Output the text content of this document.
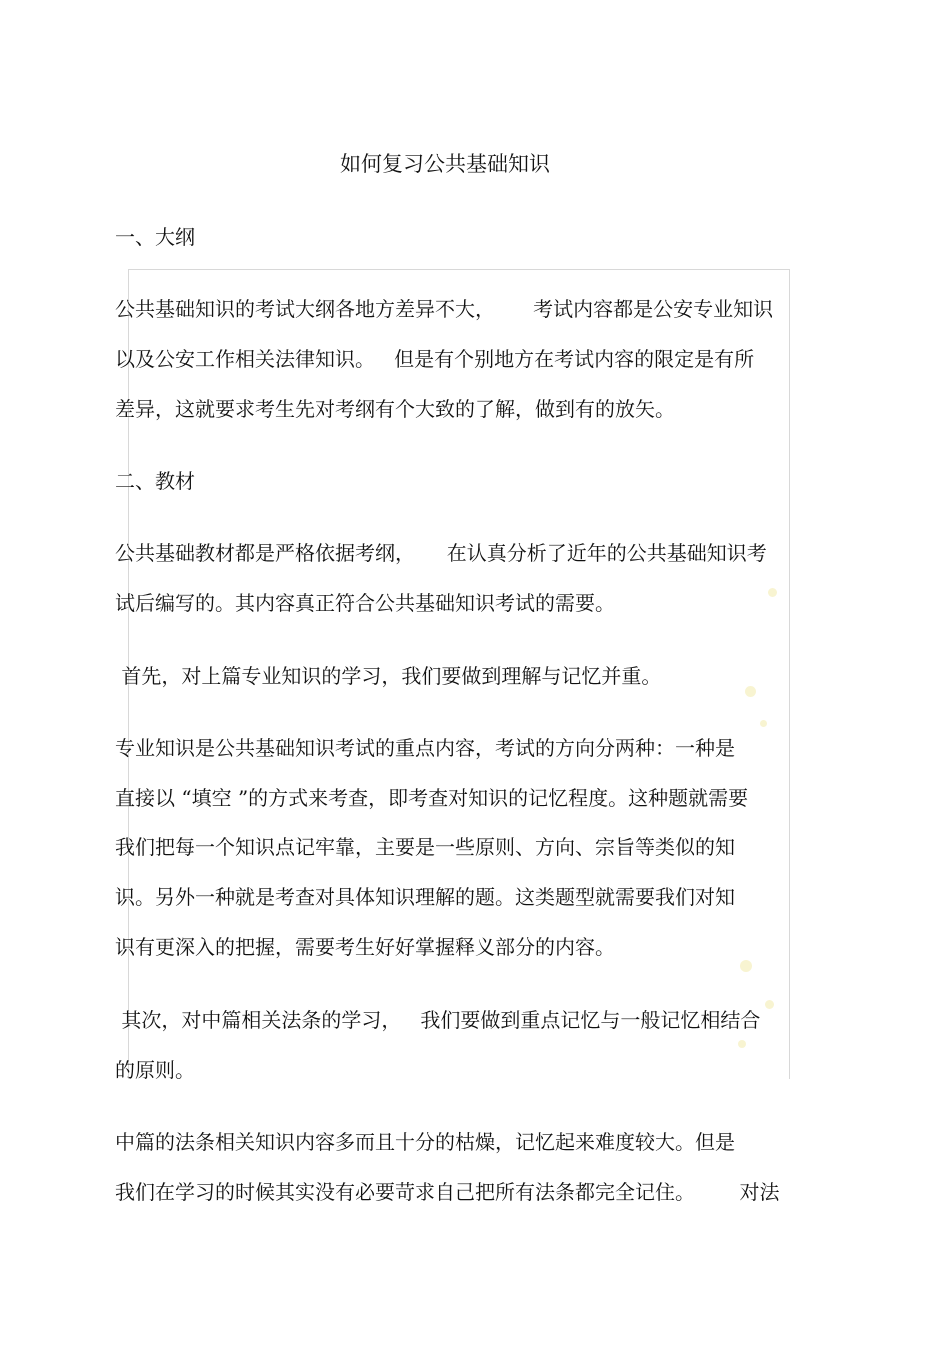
如何复习公共基础知识
一、大纲
公共基础知识的考试大纲各地方差异不大，      考试内容都是公安专业知识
以及公安工作相关法律知识。   但是有个别地方在考试内容的限定是有所
差异，这就要求考生先对考纲有个大致的了解，做到有的放矢。
二、教材
公共基础教材都是严格依据考纲，     在认真分析了近年的公共基础知识考
试后编写的。其内容真正符合公共基础知识考试的需要。
首先，对上篇专业知识的学习，我们要做到理解与记忆并重。
专业知识是公共基础知识考试的重点内容，考试的方向分两种：一种是
直接以 “填空 ”的方式来考查，即考查对知识的记忆程度。这种题就需要
我们把每一个知识点记牢靠，主要是一些原则、方向、宗旨等类似的知
识。另外一种就是考查对具体知识理解的题。这类题型就需要我们对知
识有更深入的把握，需要考生好好掌握释义部分的内容。
其次，对中篇相关法条的学习，   我们要做到重点记忆与一般记忆相结合
的原则。
中篇的法条相关知识内容多而且十分的枯燥，记忆起来难度较大。但是
我们在学习的时候其实没有必要苛求自己把所有法条都完全记住。       对法
